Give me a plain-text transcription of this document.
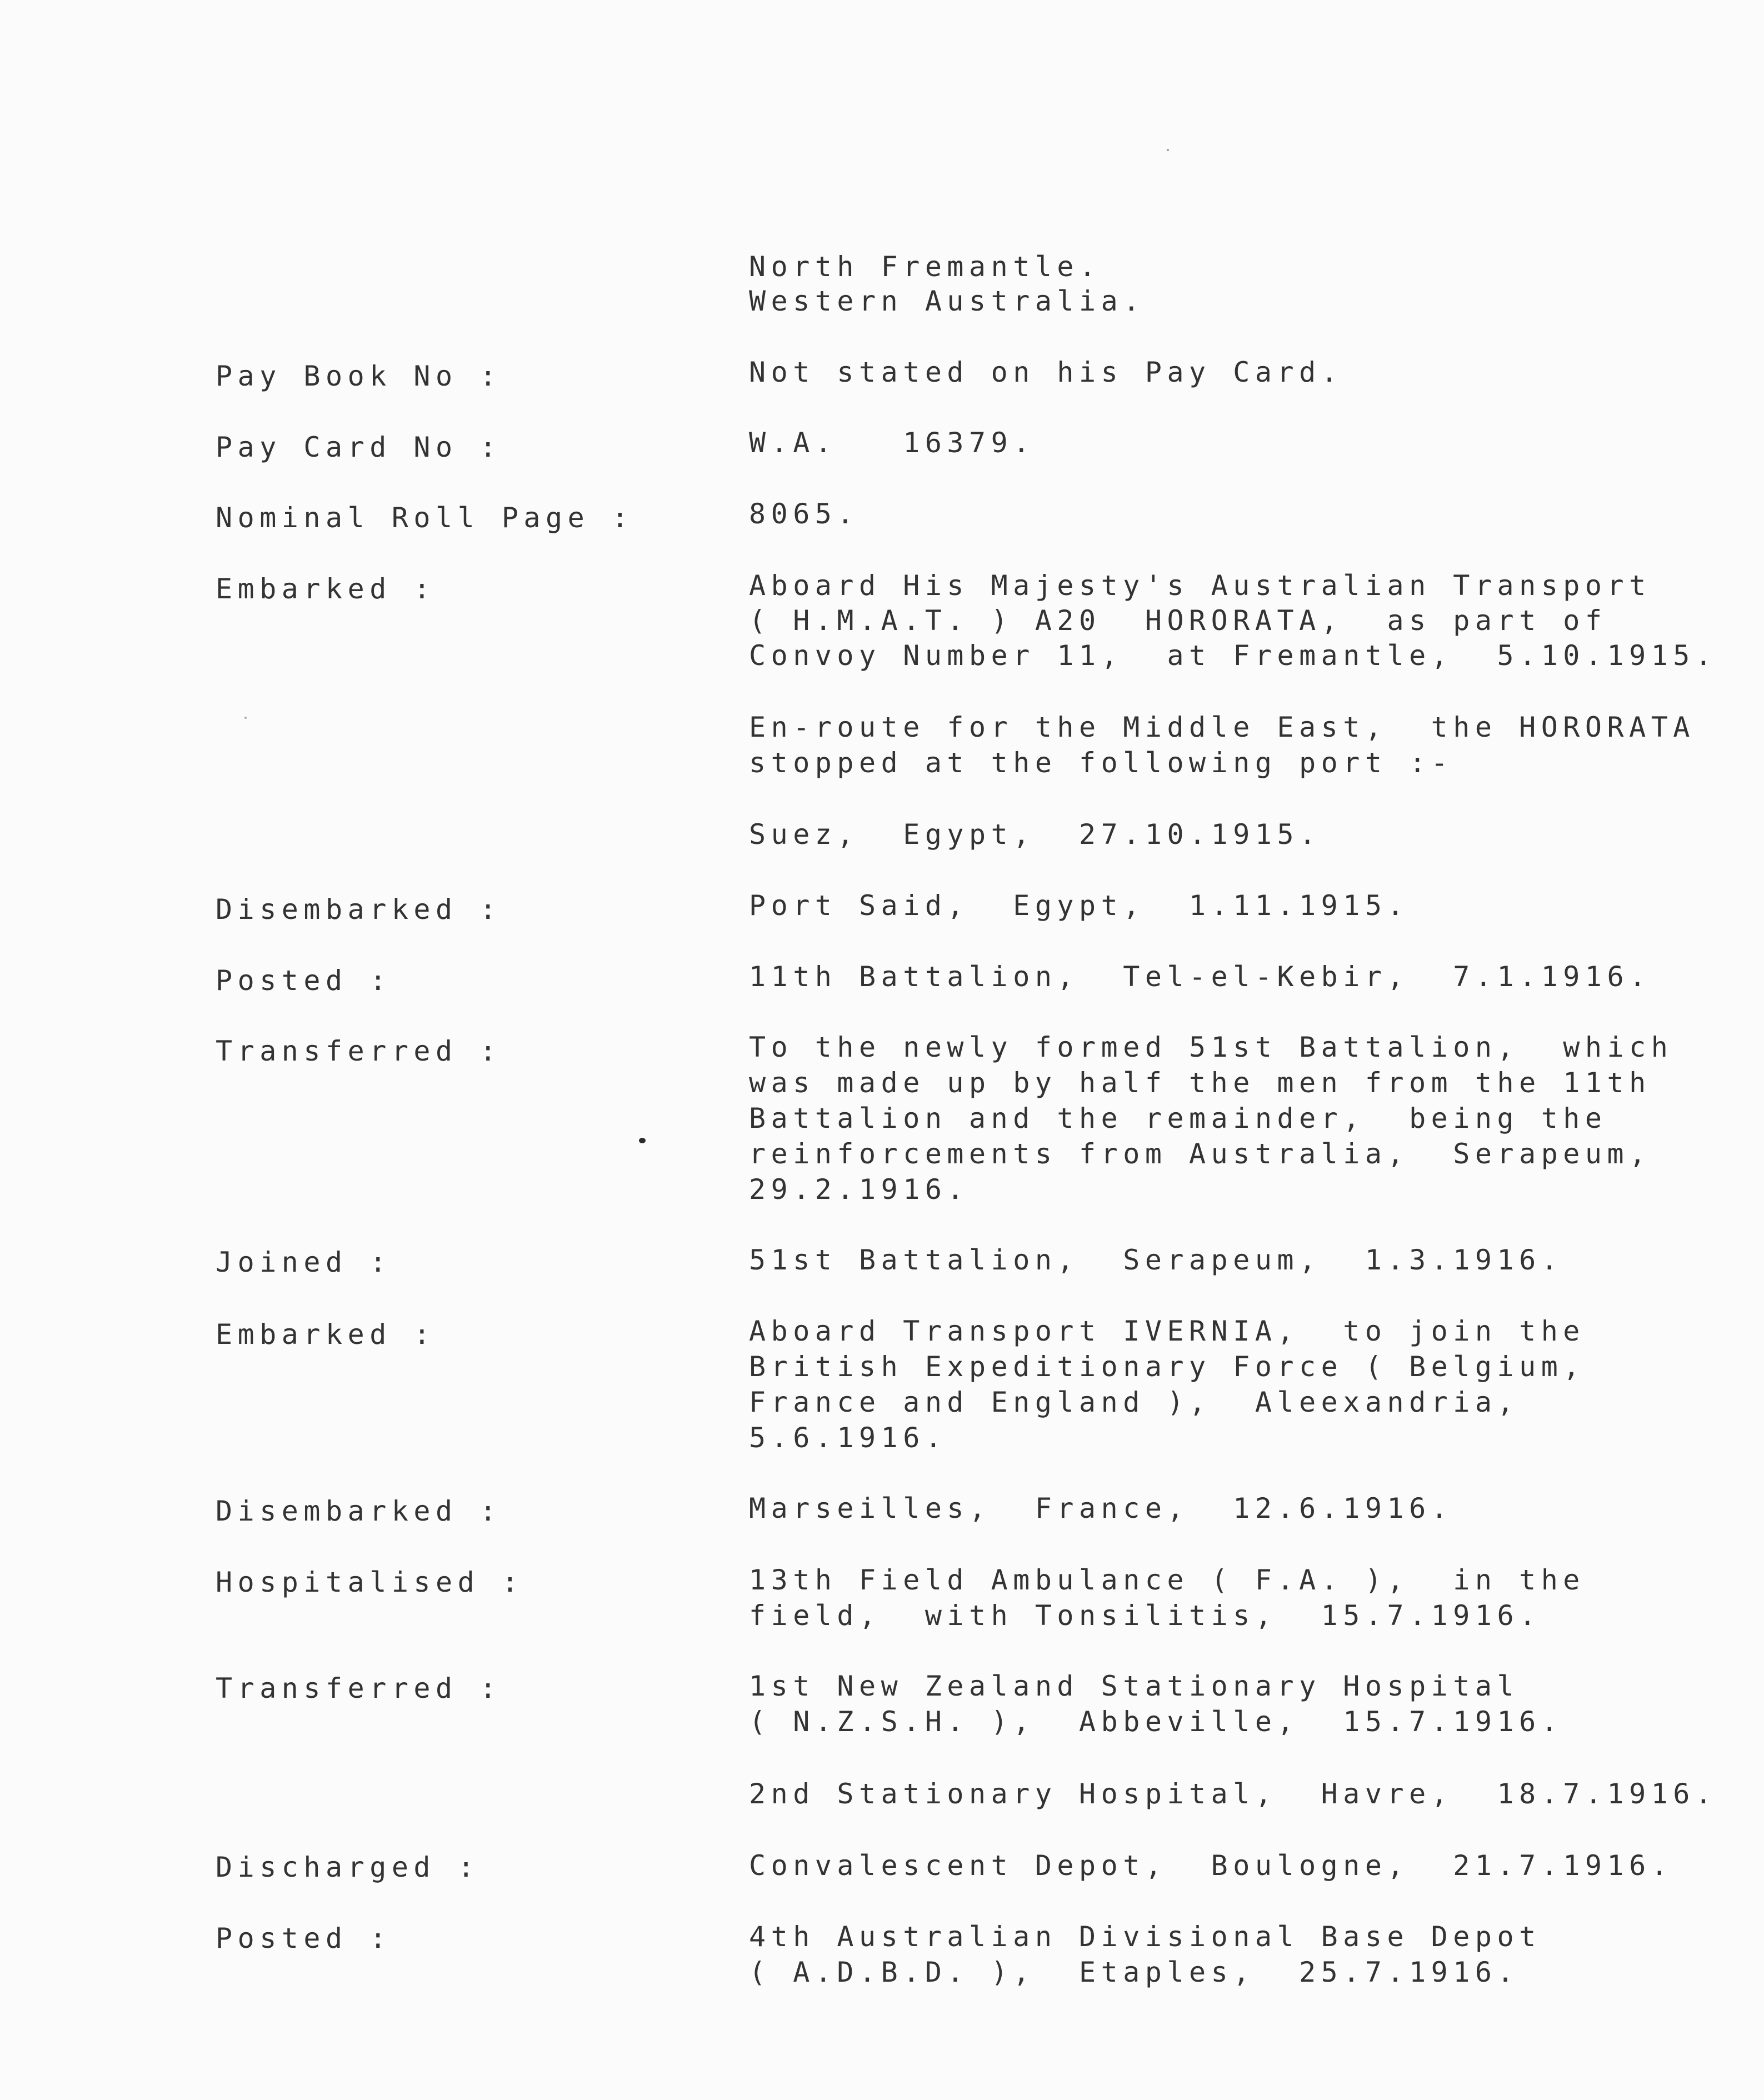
North Fremantle.
Western Australia.
Pay Book No :	Not stated on his Pay Card.
Pay Card No :	W.A.   16379.
Nominal Roll Page :	8065.
Embarked :	Aboard His Majesty's Australian Transport
( H.M.A.T. ) A20  HORORATA,  as part of
Convoy Number 11,  at Fremantle,  5.10.1915.
En-route for the Middle East,  the HORORATA
stopped at the following port :-
Suez,  Egypt,  27.10.1915.
Disembarked :	Port Said,  Egypt,  1.11.1915.
Posted :	11th Battalion,  Tel-el-Kebir,  7.1.1916.
Transferred :	To the newly formed 51st Battalion,  which
was made up by half the men from the 11th
Battalion and the remainder,  being the
reinforcements from Australia,  Serapeum,
29.2.1916.
Joined :	51st Battalion,  Serapeum,  1.3.1916.
Embarked :	Aboard Transport IVERNIA,  to join the
British Expeditionary Force ( Belgium,
France and England ),  Aleexandria,
5.6.1916.
Disembarked :	Marseilles,  France,  12.6.1916.
Hospitalised :	13th Field Ambulance ( F.A. ),  in the
field,  with Tonsilitis,  15.7.1916.
Transferred :	1st New Zealand Stationary Hospital
( N.Z.S.H. ),  Abbeville,  15.7.1916.
2nd Stationary Hospital,  Havre,  18.7.1916.
Discharged :	Convalescent Depot,  Boulogne,  21.7.1916.
Posted :	4th Australian Divisional Base Depot
( A.D.B.D. ),  Etaples,  25.7.1916.
